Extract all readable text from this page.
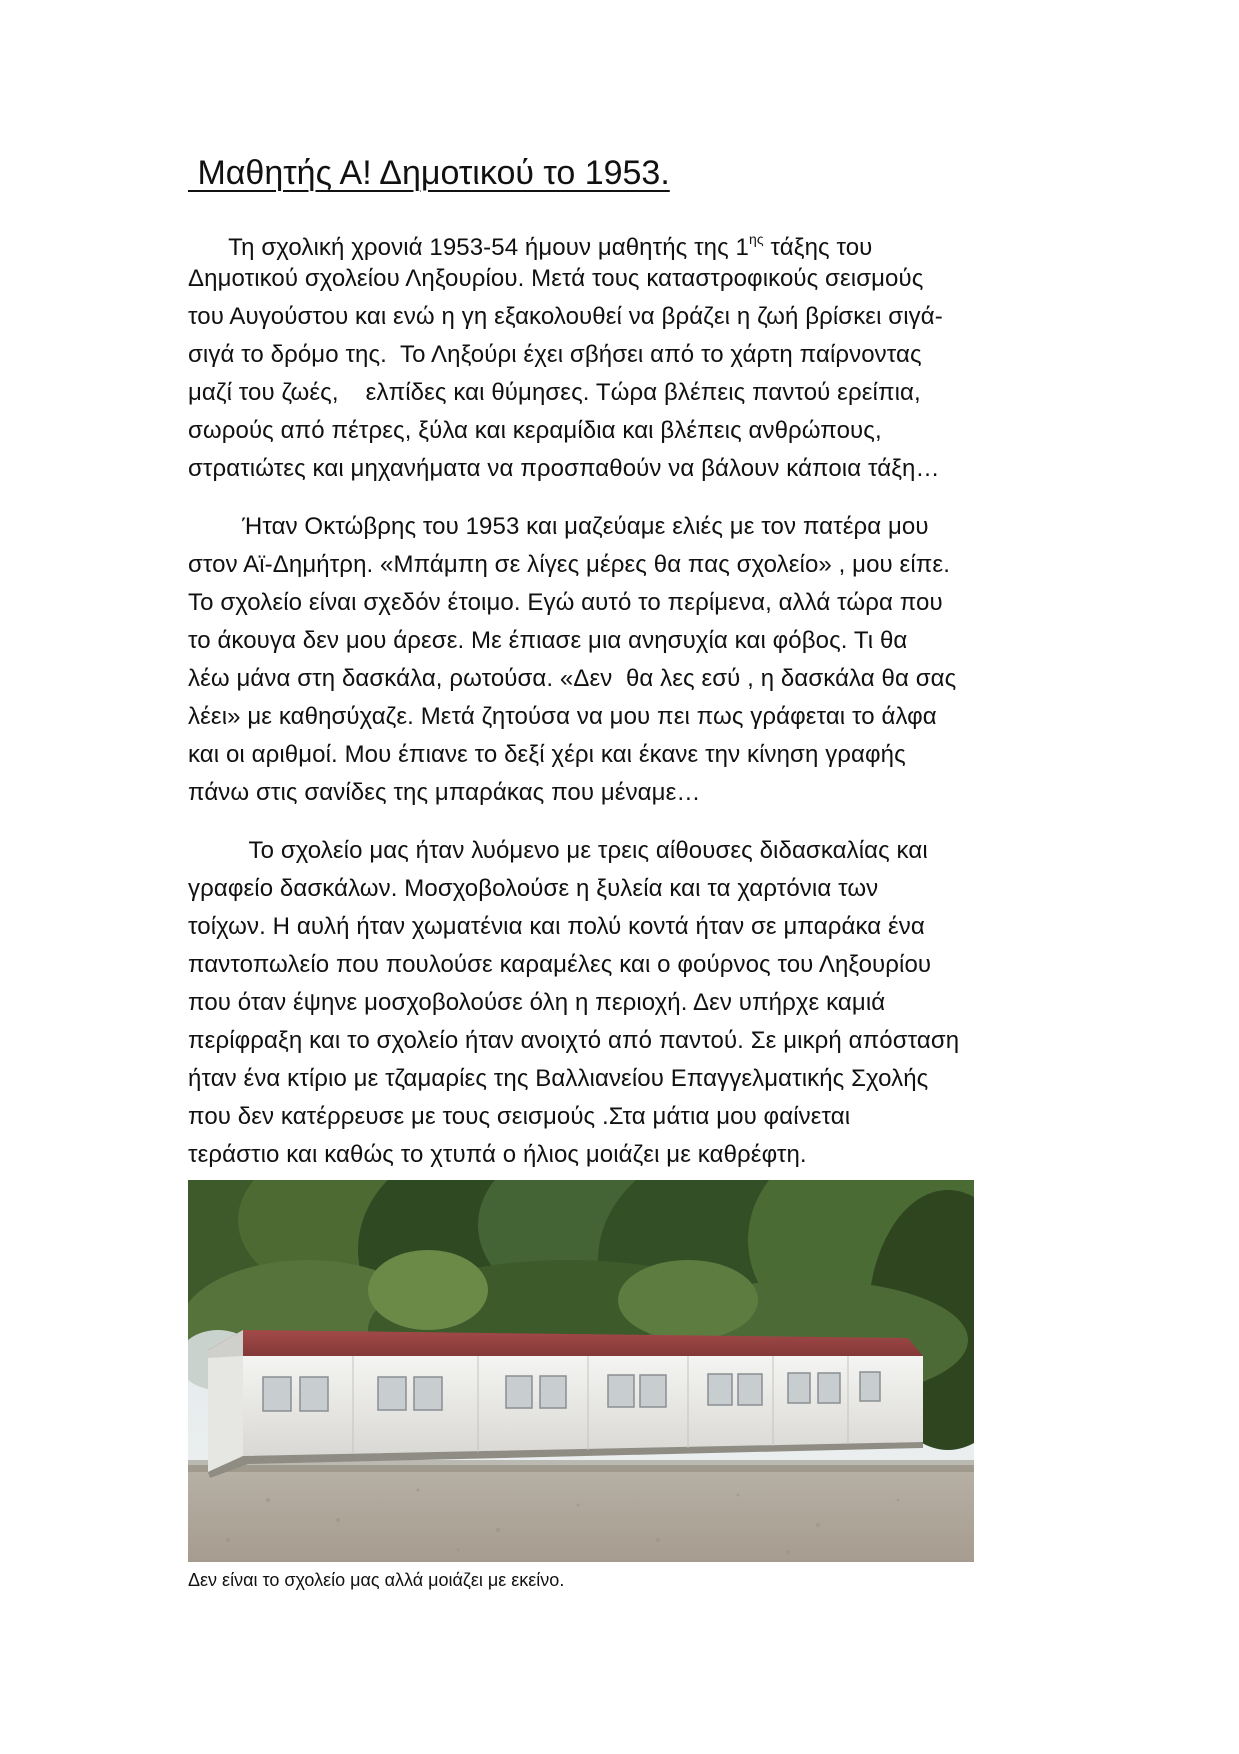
Μαθητής Α! Δημοτικού το 1953.
Τη σχολική χρονιά 1953-54 ήμουν μαθητής της $1^{\eta\varsigma}$ τάξης του
Δημοτικού σχολείου Ληξουρίου. Μετά τους καταστροφικούς σεισμούς
του Αυγούστου και ενώ η γη εξακολουθεί να βράζει η ζωή βρίσκει σιγά-
σιγά το δρόμο της.  Το Ληξούρι έχει σβήσει από το χάρτη παίρνοντας
μαζί του ζωές,    ελπίδες και θύμησες. Τώρα βλέπεις παντού ερείπια,
σωρούς από πέτρες, ξύλα και κεραμίδια και βλέπεις ανθρώπους,
στρατιώτες και μηχανήματα να προσπαθούν να βάλουν κάποια τάξη…
Ήταν Οκτώβρης του 1953 και μαζεύαμε ελιές με τον πατέρα μου
στον Αϊ-Δημήτρη. «Μπάμπη σε λίγες μέρες θα πας σχολείο» , μου είπε.
Το σχολείο είναι σχεδόν έτοιμο. Εγώ αυτό το περίμενα, αλλά τώρα που
το άκουγα δεν μου άρεσε. Με έπιασε μια ανησυχία και φόβος. Τι θα
λέω μάνα στη δασκάλα, ρωτούσα. «Δεν  θα λες εσύ , η δασκάλα θα σας
λέει» με καθησύχαζε. Μετά ζητούσα να μου πει πως γράφεται το άλφα
και οι αριθμοί. Μου έπιανε το δεξί χέρι και έκανε την κίνηση γραφής
πάνω στις σανίδες της μπαράκας που μέναμε…
Το σχολείο μας ήταν λυόμενο με τρεις αίθουσες διδασκαλίας και
γραφείο δασκάλων. Μοσχοβολούσε η ξυλεία και τα χαρτόνια των
τοίχων. Η αυλή ήταν χωματένια και πολύ κοντά ήταν σε μπαράκα ένα
παντοπωλείο που πουλούσε καραμέλες και ο φούρνος του Ληξουρίου
που όταν έψηνε μοσχοβολούσε όλη η περιοχή. Δεν υπήρχε καμιά
περίφραξη και το σχολείο ήταν ανοιχτό από παντού. Σε μικρή απόσταση
ήταν ένα κτίριο με τζαμαρίες της Βαλλιανείου Επαγγελματικής Σχολής
που δεν κατέρρευσε με τους σεισμούς .Στα μάτια μου φαίνεται
τεράστιο και καθώς το χτυπά ο ήλιος μοιάζει με καθρέφτη.
Δεν είναι το σχολείο μας αλλά μοιάζει με εκείνο.
